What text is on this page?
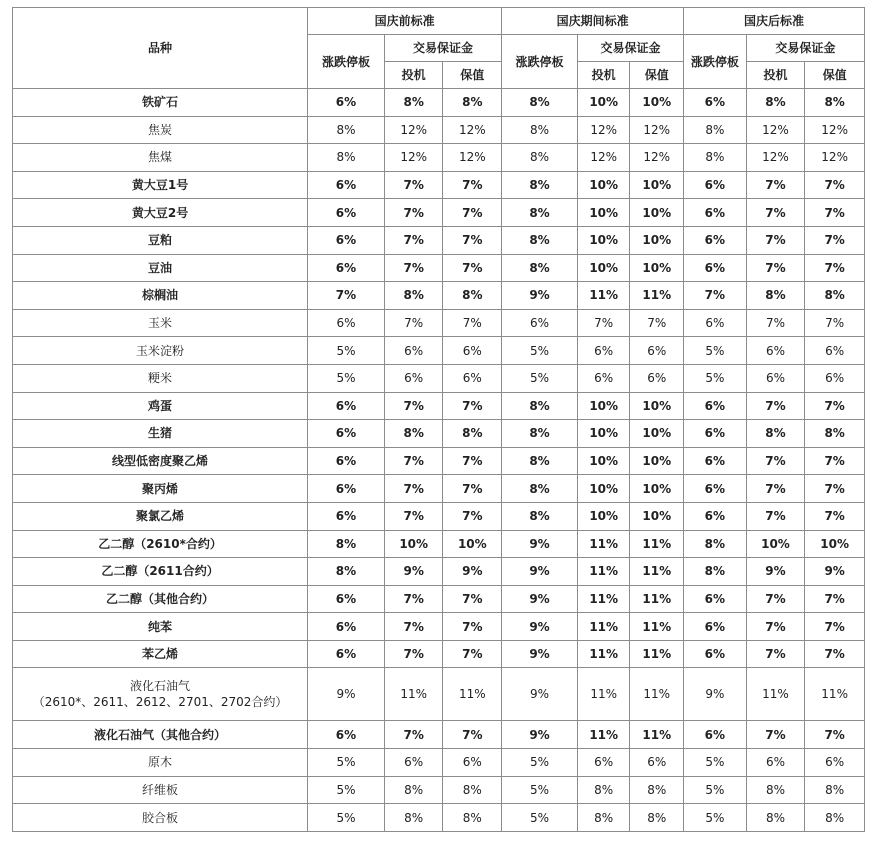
品种	国庆前标准			国庆期间标准			国庆后标准		
	涨跌停板	交易保证金		涨跌停板	交易保证金		涨跌停板	交易保证金	
		投机	保值		投机	保值		投机	保值

铁矿石	6%	8%	8%	8%	10%	10%	6%	8%	8%

焦炭	8%	12%	12%	8%	12%	12%	8%	12%	12%

焦煤	8%	12%	12%	8%	12%	12%	8%	12%	12%

黄大豆1号	6%	7%	7%	8%	10%	10%	6%	7%	7%

黄大豆2号	6%	7%	7%	8%	10%	10%	6%	7%	7%

豆粕	6%	7%	7%	8%	10%	10%	6%	7%	7%

豆油	6%	7%	7%	8%	10%	10%	6%	7%	7%

棕榈油	7%	8%	8%	9%	11%	11%	7%	8%	8%

玉米	6%	7%	7%	6%	7%	7%	6%	7%	7%

玉米淀粉	5%	6%	6%	5%	6%	6%	5%	6%	6%

粳米	5%	6%	6%	5%	6%	6%	5%	6%	6%

鸡蛋	6%	7%	7%	8%	10%	10%	6%	7%	7%

生猪	6%	8%	8%	8%	10%	10%	6%	8%	8%

线型低密度聚乙烯	6%	7%	7%	8%	10%	10%	6%	7%	7%

聚丙烯	6%	7%	7%	8%	10%	10%	6%	7%	7%

聚氯乙烯	6%	7%	7%	8%	10%	10%	6%	7%	7%

乙二醇（2610*合约）	8%	10%	10%	9%	11%	11%	8%	10%	10%

乙二醇（2611合约）	8%	9%	9%	9%	11%	11%	8%	9%	9%

乙二醇（其他合约）	6%	7%	7%	9%	11%	11%	6%	7%	7%

纯苯	6%	7%	7%	9%	11%	11%	6%	7%	7%

苯乙烯	6%	7%	7%	9%	11%	11%	6%	7%	7%

液化石油气
（2610*、2611、2612、2701、2702合约）	9%	11%	11%	9%	11%	11%	9%	11%	11%

液化石油气（其他合约）	6%	7%	7%	9%	11%	11%	6%	7%	7%

原木	5%	6%	6%	5%	6%	6%	5%	6%	6%

纤维板	5%	8%	8%	5%	8%	8%	5%	8%	8%

胶合板	5%	8%	8%	5%	8%	8%	5%	8%	8%
